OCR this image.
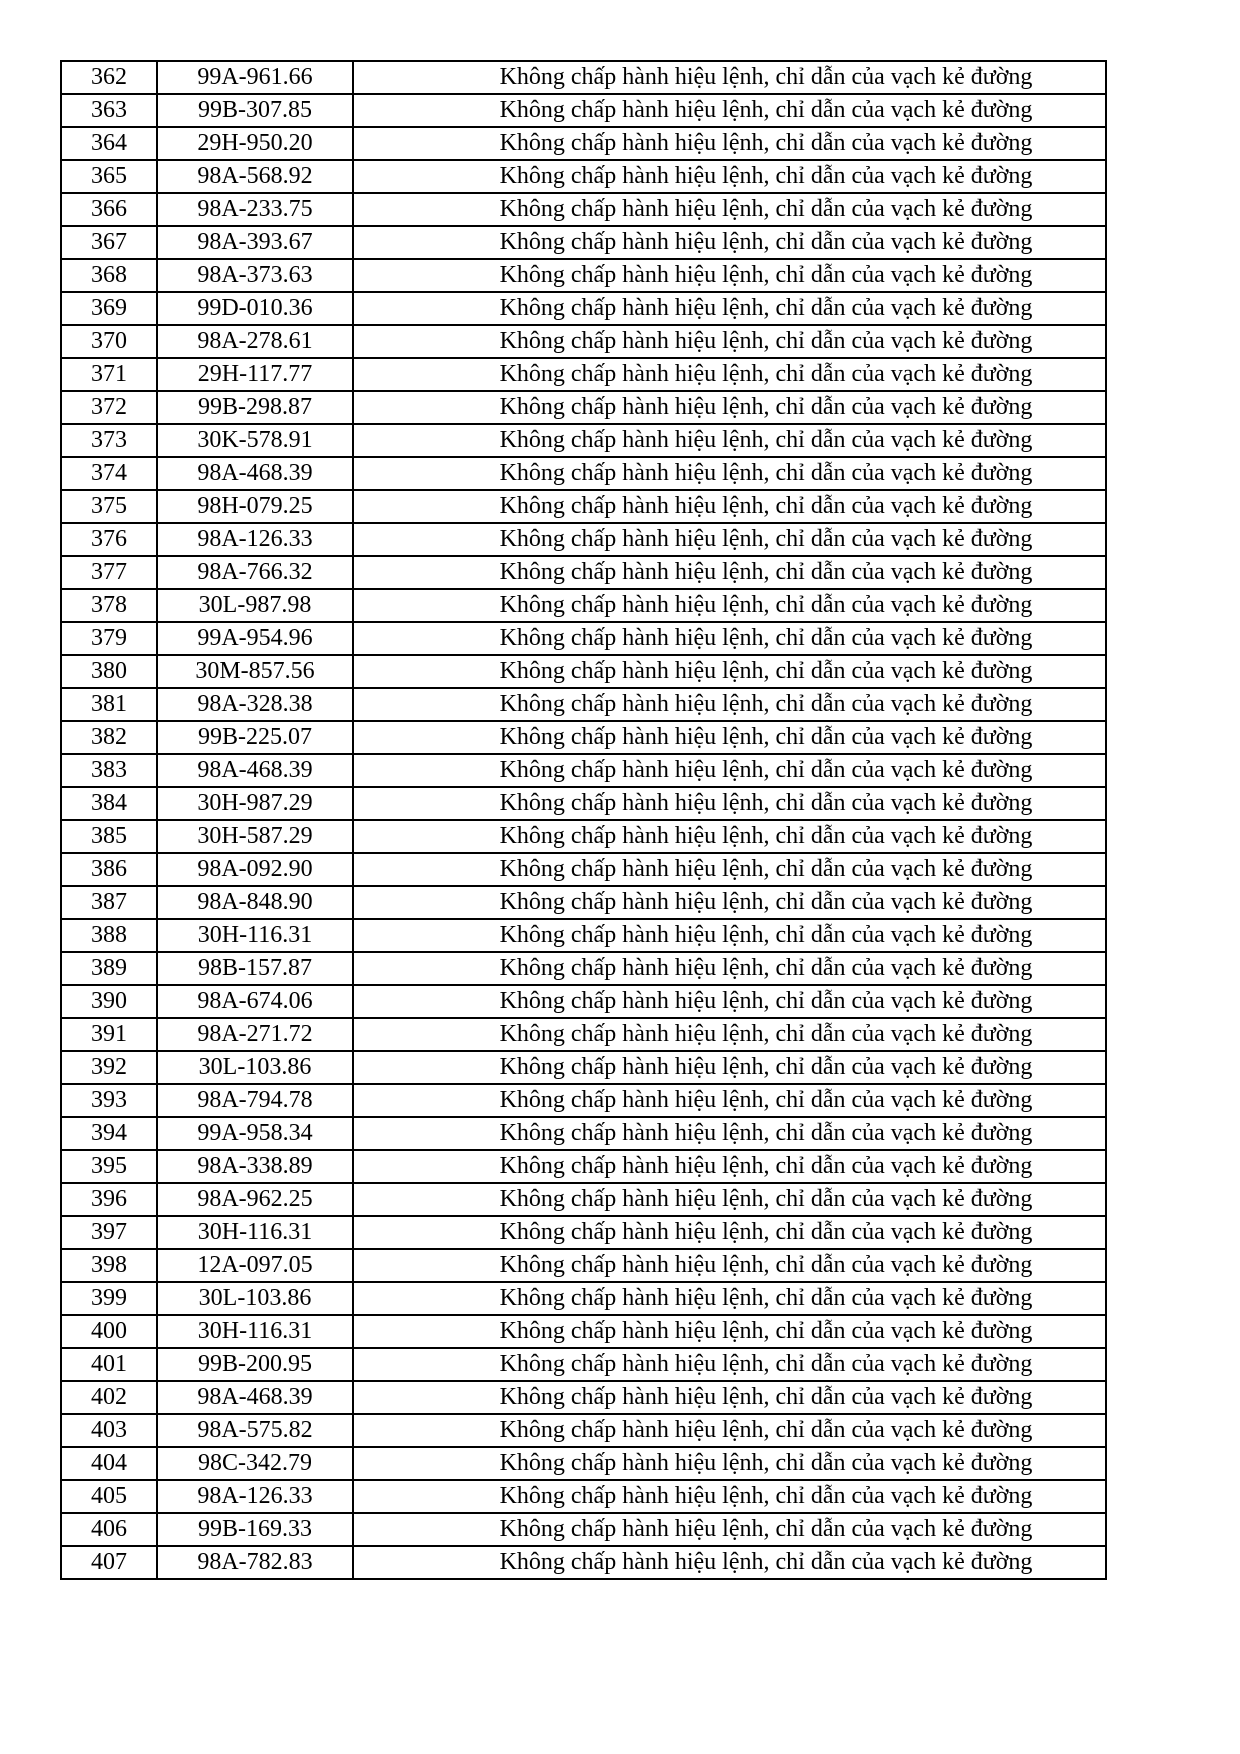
362	99A-961.66	Không chấp hành hiệu lệnh, chỉ dẫn của vạch kẻ đường
363	99B-307.85	Không chấp hành hiệu lệnh, chỉ dẫn của vạch kẻ đường
364	29H-950.20	Không chấp hành hiệu lệnh, chỉ dẫn của vạch kẻ đường
365	98A-568.92	Không chấp hành hiệu lệnh, chỉ dẫn của vạch kẻ đường
366	98A-233.75	Không chấp hành hiệu lệnh, chỉ dẫn của vạch kẻ đường
367	98A-393.67	Không chấp hành hiệu lệnh, chỉ dẫn của vạch kẻ đường
368	98A-373.63	Không chấp hành hiệu lệnh, chỉ dẫn của vạch kẻ đường
369	99D-010.36	Không chấp hành hiệu lệnh, chỉ dẫn của vạch kẻ đường
370	98A-278.61	Không chấp hành hiệu lệnh, chỉ dẫn của vạch kẻ đường
371	29H-117.77	Không chấp hành hiệu lệnh, chỉ dẫn của vạch kẻ đường
372	99B-298.87	Không chấp hành hiệu lệnh, chỉ dẫn của vạch kẻ đường
373	30K-578.91	Không chấp hành hiệu lệnh, chỉ dẫn của vạch kẻ đường
374	98A-468.39	Không chấp hành hiệu lệnh, chỉ dẫn của vạch kẻ đường
375	98H-079.25	Không chấp hành hiệu lệnh, chỉ dẫn của vạch kẻ đường
376	98A-126.33	Không chấp hành hiệu lệnh, chỉ dẫn của vạch kẻ đường
377	98A-766.32	Không chấp hành hiệu lệnh, chỉ dẫn của vạch kẻ đường
378	30L-987.98	Không chấp hành hiệu lệnh, chỉ dẫn của vạch kẻ đường
379	99A-954.96	Không chấp hành hiệu lệnh, chỉ dẫn của vạch kẻ đường
380	30M-857.56	Không chấp hành hiệu lệnh, chỉ dẫn của vạch kẻ đường
381	98A-328.38	Không chấp hành hiệu lệnh, chỉ dẫn của vạch kẻ đường
382	99B-225.07	Không chấp hành hiệu lệnh, chỉ dẫn của vạch kẻ đường
383	98A-468.39	Không chấp hành hiệu lệnh, chỉ dẫn của vạch kẻ đường
384	30H-987.29	Không chấp hành hiệu lệnh, chỉ dẫn của vạch kẻ đường
385	30H-587.29	Không chấp hành hiệu lệnh, chỉ dẫn của vạch kẻ đường
386	98A-092.90	Không chấp hành hiệu lệnh, chỉ dẫn của vạch kẻ đường
387	98A-848.90	Không chấp hành hiệu lệnh, chỉ dẫn của vạch kẻ đường
388	30H-116.31	Không chấp hành hiệu lệnh, chỉ dẫn của vạch kẻ đường
389	98B-157.87	Không chấp hành hiệu lệnh, chỉ dẫn của vạch kẻ đường
390	98A-674.06	Không chấp hành hiệu lệnh, chỉ dẫn của vạch kẻ đường
391	98A-271.72	Không chấp hành hiệu lệnh, chỉ dẫn của vạch kẻ đường
392	30L-103.86	Không chấp hành hiệu lệnh, chỉ dẫn của vạch kẻ đường
393	98A-794.78	Không chấp hành hiệu lệnh, chỉ dẫn của vạch kẻ đường
394	99A-958.34	Không chấp hành hiệu lệnh, chỉ dẫn của vạch kẻ đường
395	98A-338.89	Không chấp hành hiệu lệnh, chỉ dẫn của vạch kẻ đường
396	98A-962.25	Không chấp hành hiệu lệnh, chỉ dẫn của vạch kẻ đường
397	30H-116.31	Không chấp hành hiệu lệnh, chỉ dẫn của vạch kẻ đường
398	12A-097.05	Không chấp hành hiệu lệnh, chỉ dẫn của vạch kẻ đường
399	30L-103.86	Không chấp hành hiệu lệnh, chỉ dẫn của vạch kẻ đường
400	30H-116.31	Không chấp hành hiệu lệnh, chỉ dẫn của vạch kẻ đường
401	99B-200.95	Không chấp hành hiệu lệnh, chỉ dẫn của vạch kẻ đường
402	98A-468.39	Không chấp hành hiệu lệnh, chỉ dẫn của vạch kẻ đường
403	98A-575.82	Không chấp hành hiệu lệnh, chỉ dẫn của vạch kẻ đường
404	98C-342.79	Không chấp hành hiệu lệnh, chỉ dẫn của vạch kẻ đường
405	98A-126.33	Không chấp hành hiệu lệnh, chỉ dẫn của vạch kẻ đường
406	99B-169.33	Không chấp hành hiệu lệnh, chỉ dẫn của vạch kẻ đường
407	98A-782.83	Không chấp hành hiệu lệnh, chỉ dẫn của vạch kẻ đường
